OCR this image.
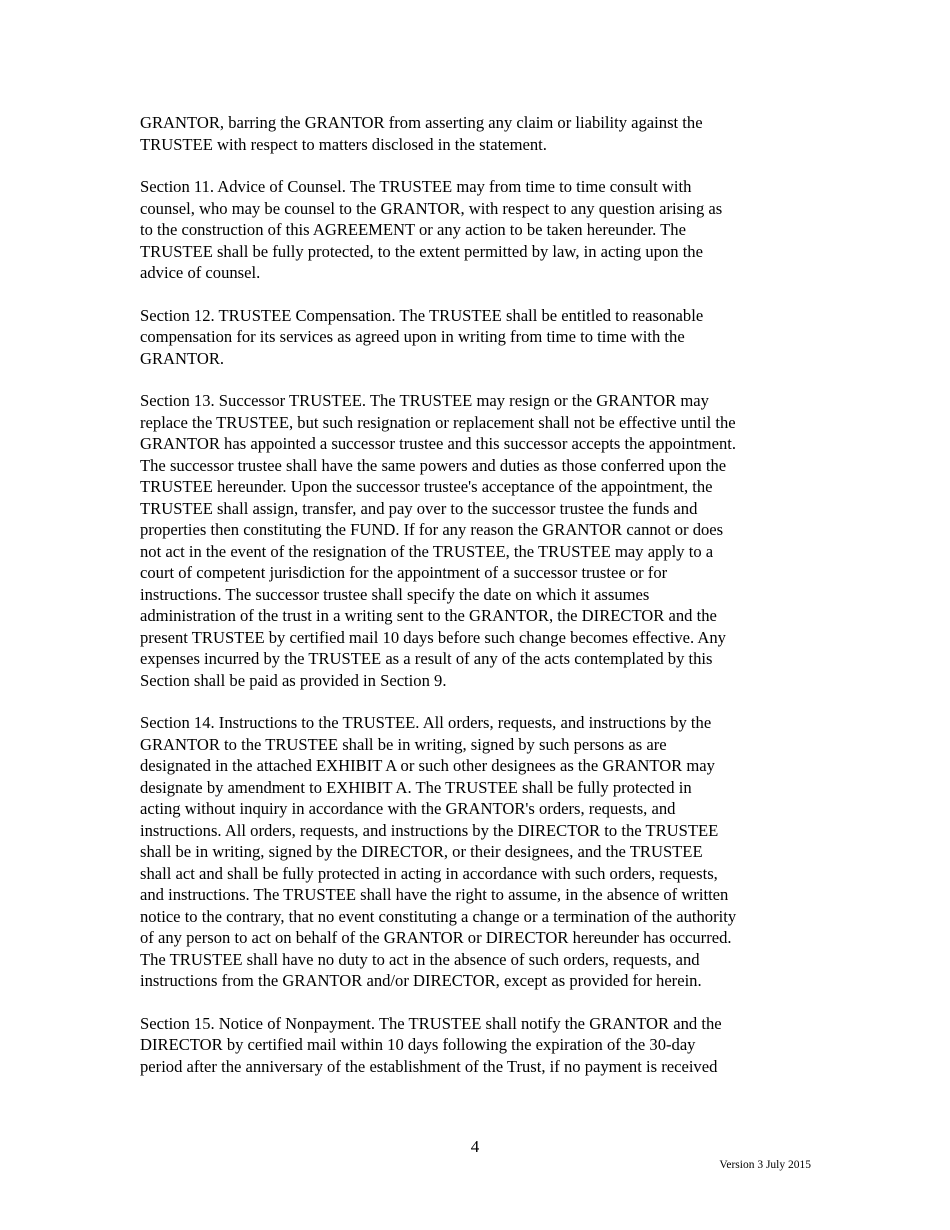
GRANTOR, barring the GRANTOR from asserting any claim or liability against the
TRUSTEE with respect to matters disclosed in the statement.

Section 11. Advice of Counsel. The TRUSTEE may from time to time consult with
counsel, who may be counsel to the GRANTOR, with respect to any question arising as
to the construction of this AGREEMENT or any action to be taken hereunder. The
TRUSTEE shall be fully protected, to the extent permitted by law, in acting upon the
advice of counsel.

Section 12. TRUSTEE Compensation. The TRUSTEE shall be entitled to reasonable
compensation for its services as agreed upon in writing from time to time with the
GRANTOR.

Section 13. Successor TRUSTEE. The TRUSTEE may resign or the GRANTOR may
replace the TRUSTEE, but such resignation or replacement shall not be effective until the
GRANTOR has appointed a successor trustee and this successor accepts the appointment.
The successor trustee shall have the same powers and duties as those conferred upon the
TRUSTEE hereunder. Upon the successor trustee's acceptance of the appointment, the
TRUSTEE shall assign, transfer, and pay over to the successor trustee the funds and
properties then constituting the FUND. If for any reason the GRANTOR cannot or does
not act in the event of the resignation of the TRUSTEE, the TRUSTEE may apply to a
court of competent jurisdiction for the appointment of a successor trustee or for
instructions. The successor trustee shall specify the date on which it assumes
administration of the trust in a writing sent to the GRANTOR, the DIRECTOR and the
present TRUSTEE by certified mail 10 days before such change becomes effective. Any
expenses incurred by the TRUSTEE as a result of any of the acts contemplated by this
Section shall be paid as provided in Section 9.

Section 14. Instructions to the TRUSTEE. All orders, requests, and instructions by the
GRANTOR to the TRUSTEE shall be in writing, signed by such persons as are
designated in the attached EXHIBIT A or such other designees as the GRANTOR may
designate by amendment to EXHIBIT A. The TRUSTEE shall be fully protected in
acting without inquiry in accordance with the GRANTOR's orders, requests, and
instructions. All orders, requests, and instructions by the DIRECTOR to the TRUSTEE
shall be in writing, signed by the DIRECTOR, or their designees, and the TRUSTEE
shall act and shall be fully protected in acting in accordance with such orders, requests,
and instructions. The TRUSTEE shall have the right to assume, in the absence of written
notice to the contrary, that no event constituting a change or a termination of the authority
of any person to act on behalf of the GRANTOR or DIRECTOR hereunder has occurred.
The TRUSTEE shall have no duty to act in the absence of such orders, requests, and
instructions from the GRANTOR and/or DIRECTOR, except as provided for herein.

Section 15. Notice of Nonpayment. The TRUSTEE shall notify the GRANTOR and the
DIRECTOR by certified mail within 10 days following the expiration of the 30-day
period after the anniversary of the establishment of the Trust, if no payment is received

4
Version 3 July 2015
